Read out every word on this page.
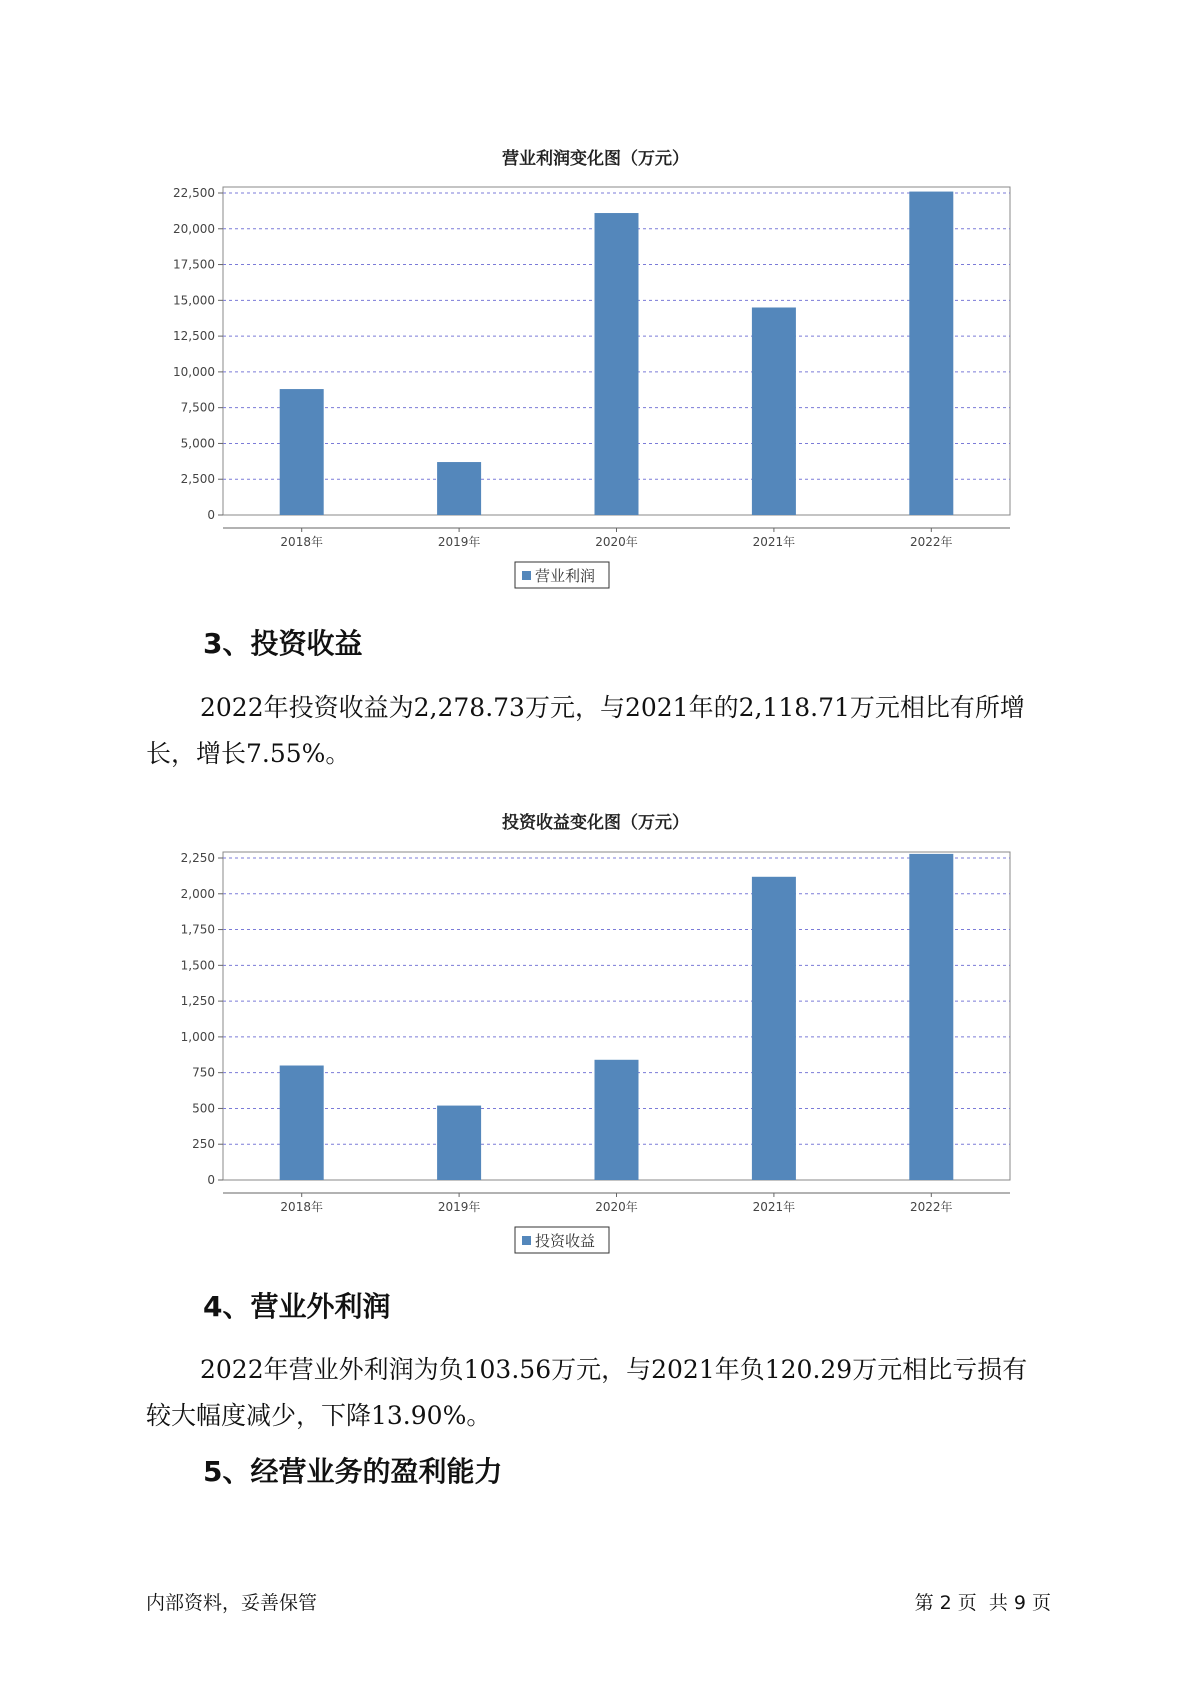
营业利润变化图（万元）
0
2,500
5,000
7,500
10,000
12,500
15,000
17,500
20,000
22,500
2018年	2019年	2020年	2021年	2022年
营业利润
3、投资收益

2022年投资收益为2,278.73万元，与2021年的2,118.71万元相比有所增长，增长7.55%。

投资收益变化图（万元）
0
250
500
750
1,000
1,250
1,500
1,750
2,000
2,250
2018年	2019年	2020年	2021年	2022年
投资收益
4、营业外利润

2022年营业外利润为负103.56万元，与2021年负120.29万元相比亏损有较大幅度减少，下降13.90%。

5、经营业务的盈利能力
内部资料，妥善保管	第 2 页  共 9 页
